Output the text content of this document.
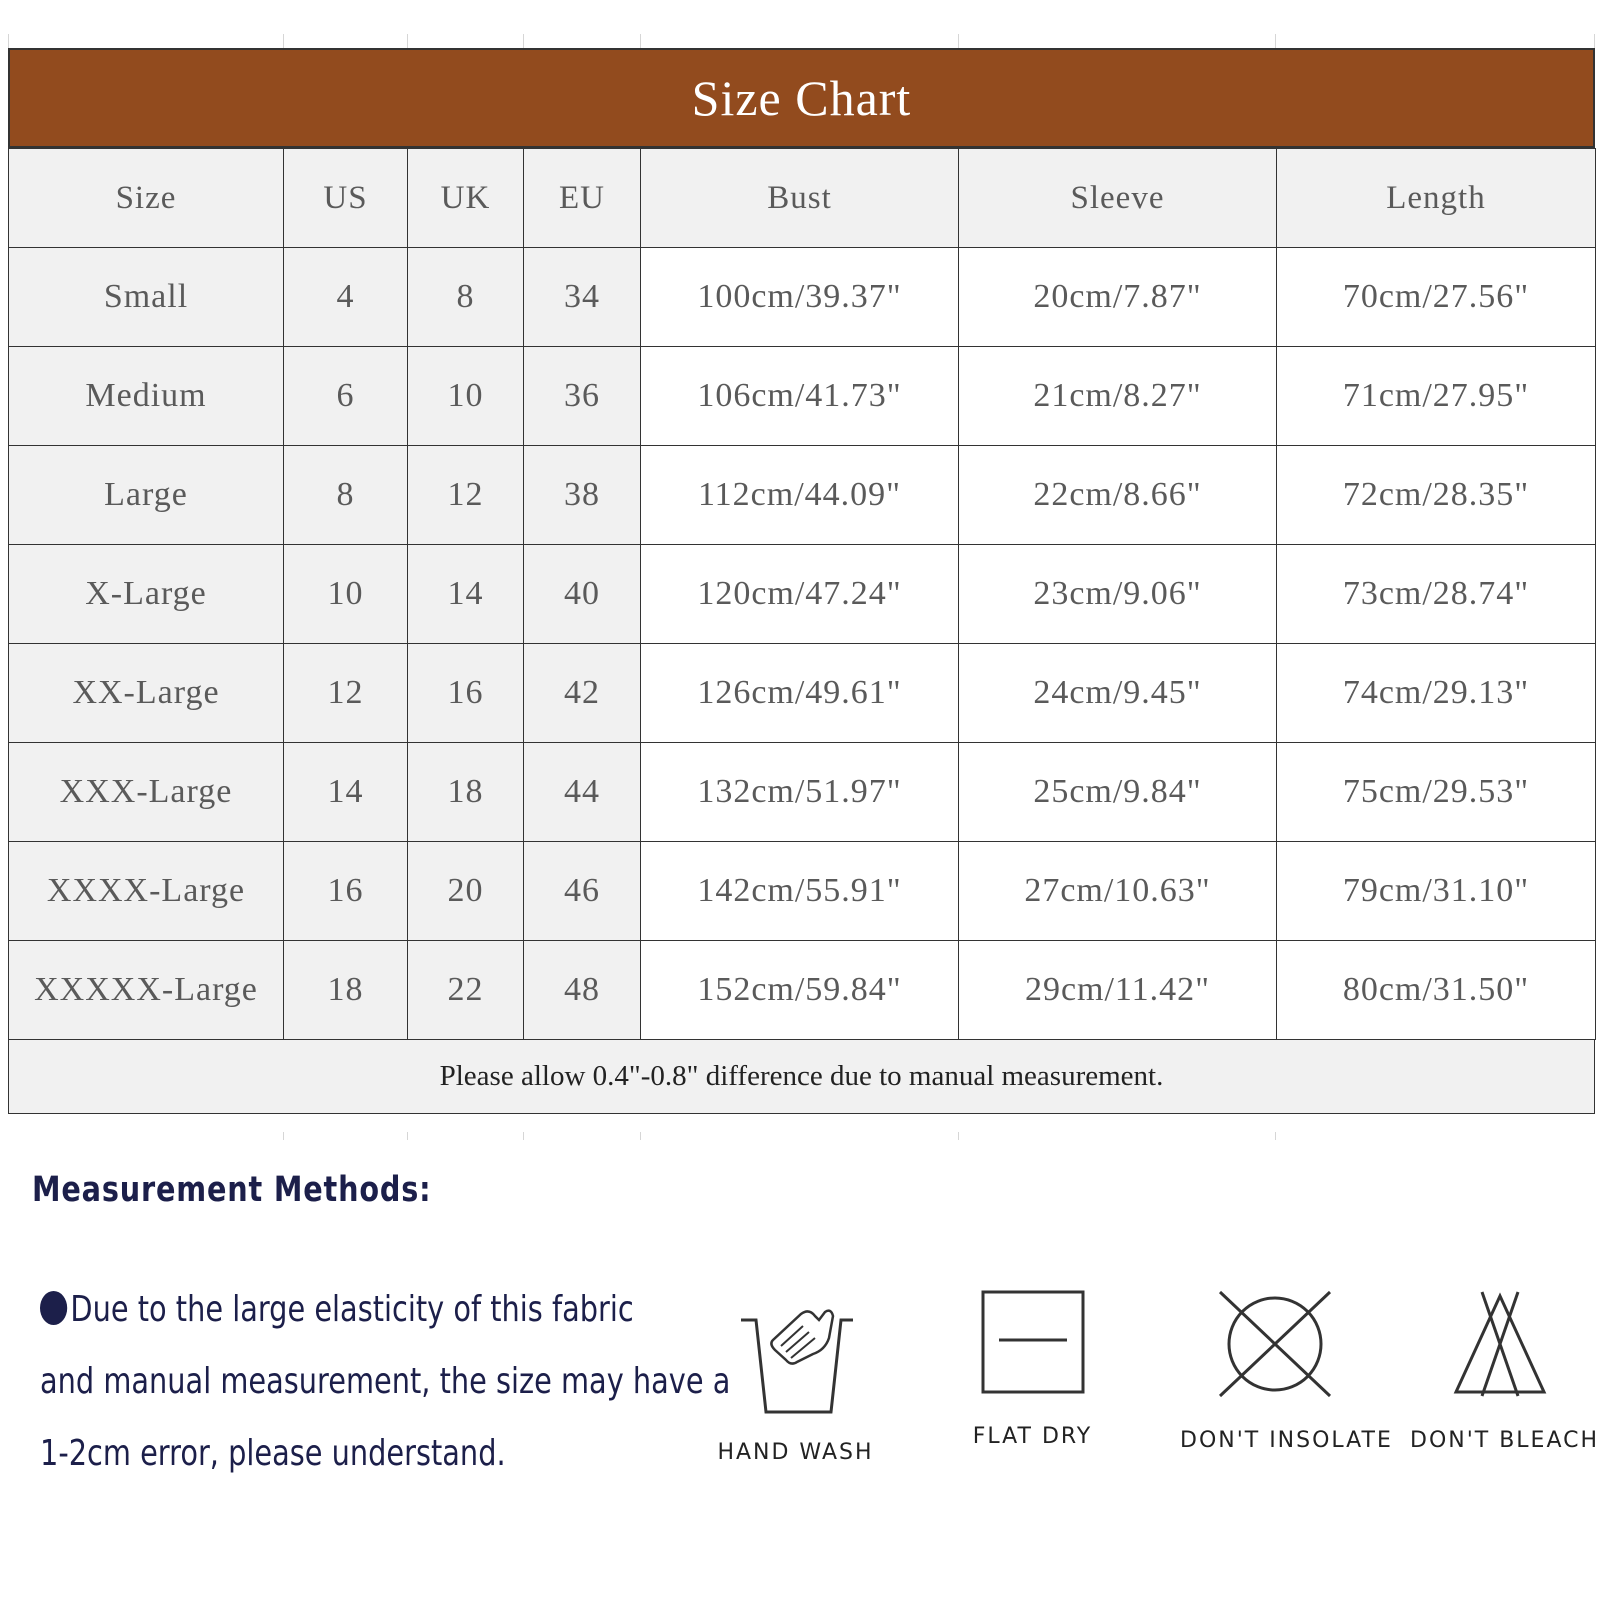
Size Chart
Size	US	UK	EU	Bust	Sleeve	Length
Small	4	8	34	100cm/39.37"	20cm/7.87"	70cm/27.56"
Medium	6	10	36	106cm/41.73"	21cm/8.27"	71cm/27.95"
Large	8	12	38	112cm/44.09"	22cm/8.66"	72cm/28.35"
X-Large	10	14	40	120cm/47.24"	23cm/9.06"	73cm/28.74"
XX-Large	12	16	42	126cm/49.61"	24cm/9.45"	74cm/29.13"
XXX-Large	14	18	44	132cm/51.97"	25cm/9.84"	75cm/29.53"
XXXX-Large	16	20	46	142cm/55.91"	27cm/10.63"	79cm/31.10"
XXXXX-Large	18	22	48	152cm/59.84"	29cm/11.42"	80cm/31.50"
Please allow 0.4"-0.8" difference due to manual measurement.
Measurement Methods:
Due to the large elasticity of this fabric
and manual measurement, the size may have a
1-2cm error, please understand.	HAND WASH
FLAT DRY	DON'T INSOLATE DON'T BLEACH
